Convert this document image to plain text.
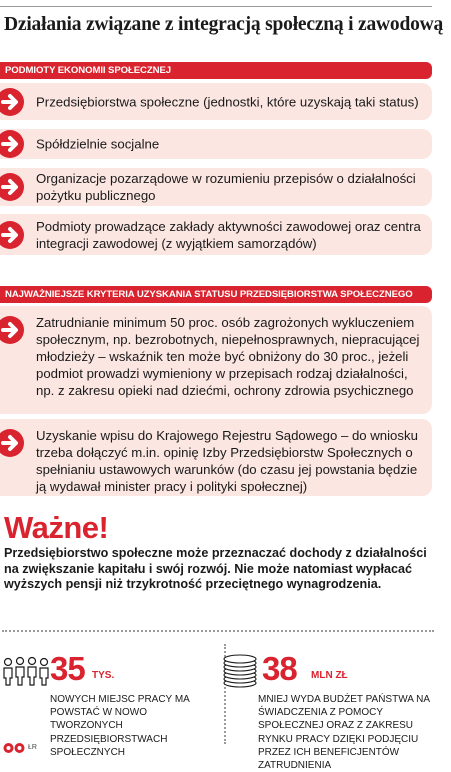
Działania związane z integracją społeczną i zawodową
PODMIOTY EKONOMII SPOŁECZNEJ
Przedsiębiorstwa społeczne (jednostki, które uzyskają taki status)
Spółdzielnie socjalne
Organizacje pozarządowe w rozumieniu przepisów o działalności pożytku publicznego
Podmioty prowadzące zakłady aktywności zawodowej oraz centra integracji zawodowej (z wyjątkiem samorządów)
NAJWAŻNIEJSZE KRYTERIA UZYSKANIA STATUSU PRZEDSIĘBIORSTWA SPOŁECZNEGO
Zatrudnianie minimum 50 proc. osób zagrożonych wykluczeniem społecznym, np. bezrobotnych, niepełnosprawnych, niepracującej młodzieży – wskaźnik ten może być obniżony do 30 proc., jeżeli podmiot prowadzi wymieniony w przepisach rodzaj działalności, np. z zakresu opieki nad dziećmi, ochrony zdrowia psychicznego
Uzyskanie wpisu do Krajowego Rejestru Sądowego – do wniosku trzeba dołączyć m.in. opinię Izby Przedsiębiorstw Społecznych o spełnianiu ustawowych warunków (do czasu jej powstania będzie ją wydawał minister pracy i polityki społecznej)
Ważne!
Przedsiębiorstwo społeczne może przeznaczać dochody z działalności na zwiększanie kapitału i swój rozwój. Nie może natomiast wypłacać wyższych pensji niż trzykrotność przeciętnego wynagrodzenia.
35 TYS.
NOWYCH MIEJSC PRACY MA POWSTAĆ W NOWO TWORZONYCH PRZEDSIĘBIORSTWACH SPOŁECZNYCH
38 MLN ZŁ
MNIEJ WYDA BUDŻET PAŃSTWA NA ŚWIADCZENIA Z POMOCY SPOŁECZNEJ ORAZ Z ZAKRESU RYNKU PRACY DZIĘKI PODJĘCIU PRZEZ ICH BENEFICJENTÓW ZATRUDNIENIA
ŁR
